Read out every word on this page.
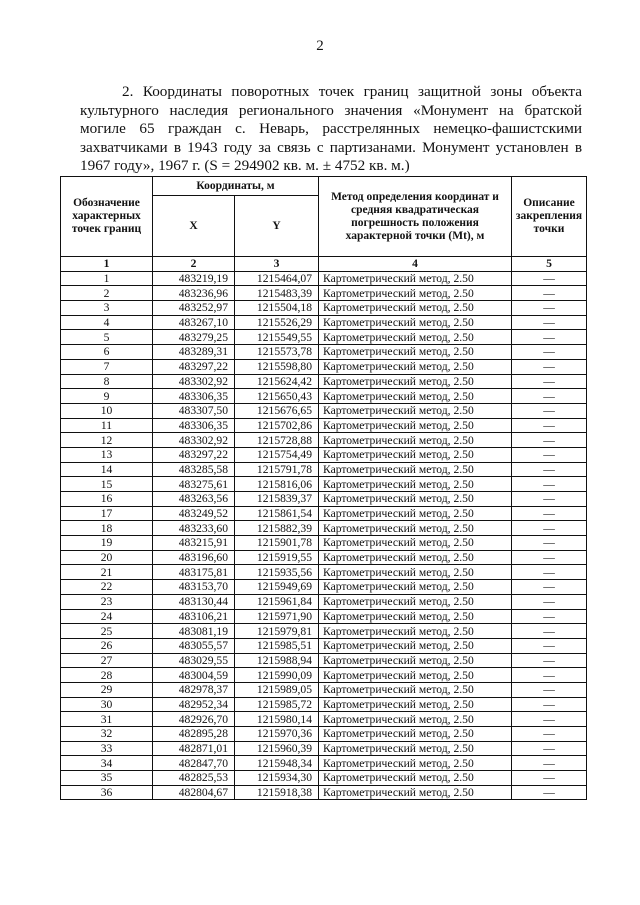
2

2. Координаты поворотных точек границ защитной зоны объекта культурного наследия регионального значения «Монумент на братской могиле 65 граждан с. Неварь, расстрелянных немецко-фашистскими захватчиками в 1943 году за связь с партизанами. Монумент установлен в 1967 году», 1967 г. (S = 294902 кв. м. ± 4752 кв. м.)

Обозначение характерных точек границ	Координаты, м		Метод определения координат и средняя квадратическая погрешность положения характерной точки (Mt), м	Описание закрепления точки
	X	Y		
1	2	3	4	5
1	483219,19	1215464,07	Картометрический метод, 2.50	—
2	483236,96	1215483,39	Картометрический метод, 2.50	—
3	483252,97	1215504,18	Картометрический метод, 2.50	—
4	483267,10	1215526,29	Картометрический метод, 2.50	—
5	483279,25	1215549,55	Картометрический метод, 2.50	—
6	483289,31	1215573,78	Картометрический метод, 2.50	—
7	483297,22	1215598,80	Картометрический метод, 2.50	—
8	483302,92	1215624,42	Картометрический метод, 2.50	—
9	483306,35	1215650,43	Картометрический метод, 2.50	—
10	483307,50	1215676,65	Картометрический метод, 2.50	—
11	483306,35	1215702,86	Картометрический метод, 2.50	—
12	483302,92	1215728,88	Картометрический метод, 2.50	—
13	483297,22	1215754,49	Картометрический метод, 2.50	—
14	483285,58	1215791,78	Картометрический метод, 2.50	—
15	483275,61	1215816,06	Картометрический метод, 2.50	—
16	483263,56	1215839,37	Картометрический метод, 2.50	—
17	483249,52	1215861,54	Картометрический метод, 2.50	—
18	483233,60	1215882,39	Картометрический метод, 2.50	—
19	483215,91	1215901,78	Картометрический метод, 2.50	—
20	483196,60	1215919,55	Картометрический метод, 2.50	—
21	483175,81	1215935,56	Картометрический метод, 2.50	—
22	483153,70	1215949,69	Картометрический метод, 2.50	—
23	483130,44	1215961,84	Картометрический метод, 2.50	—
24	483106,21	1215971,90	Картометрический метод, 2.50	—
25	483081,19	1215979,81	Картометрический метод, 2.50	—
26	483055,57	1215985,51	Картометрический метод, 2.50	—
27	483029,55	1215988,94	Картометрический метод, 2.50	—
28	483004,59	1215990,09	Картометрический метод, 2.50	—
29	482978,37	1215989,05	Картометрический метод, 2.50	—
30	482952,34	1215985,72	Картометрический метод, 2.50	—
31	482926,70	1215980,14	Картометрический метод, 2.50	—
32	482895,28	1215970,36	Картометрический метод, 2.50	—
33	482871,01	1215960,39	Картометрический метод, 2.50	—
34	482847,70	1215948,34	Картометрический метод, 2.50	—
35	482825,53	1215934,30	Картометрический метод, 2.50	—
36	482804,67	1215918,38	Картометрический метод, 2.50	—
